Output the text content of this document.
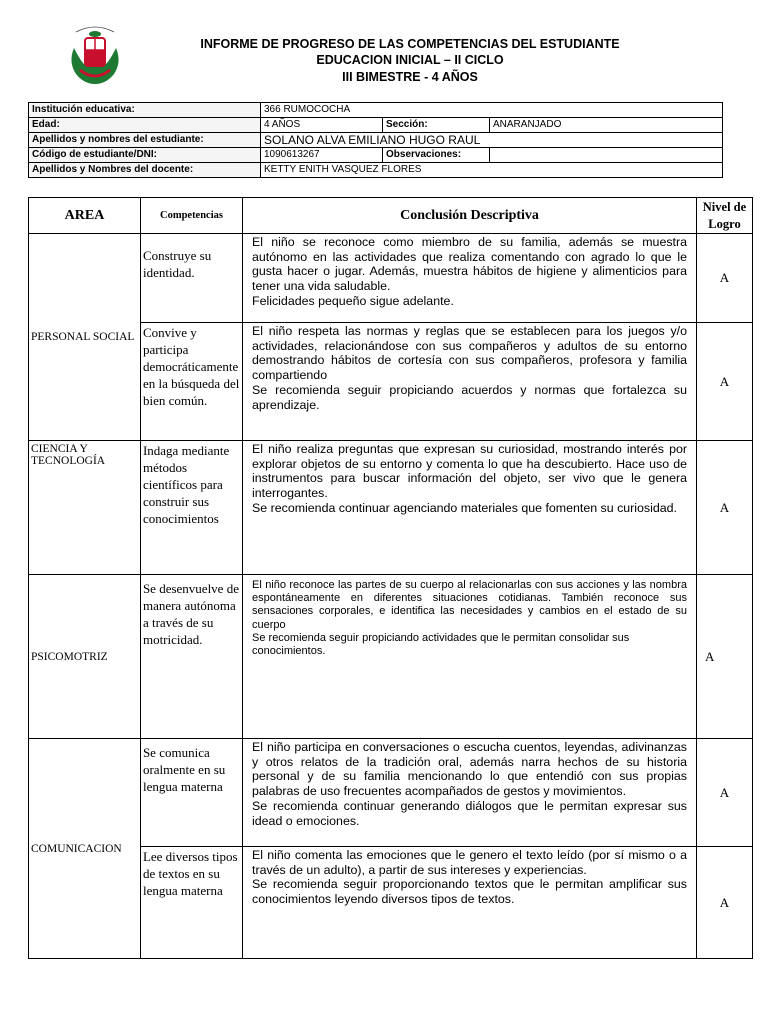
INFORME DE PROGRESO DE LAS COMPETENCIAS DEL ESTUDIANTE
EDUCACION INICIAL – II CICLO
III BIMESTRE - 4 AÑOS
Institución educativa:	366 RUMOCOCHA		
Edad:	4 AÑOS	Sección:	ANARANJADO
Apellidos y nombres del estudiante:	SOLANO ALVA EMILIANO HUGO RAUL		
Código de estudiante/DNI:	1090613267	Observaciones:	
Apellidos y Nombres del docente:	KETTY ENITH VASQUEZ FLORES		
AREA	Competencias	Conclusión Descriptiva	Nivel de Logro
PERSONAL SOCIAL	Construye su identidad.	El niño se reconoce como miembro de su familia, además se muestra autónomo en las actividades que realiza comentando con agrado lo que le gusta hacer o jugar. Además, muestra hábitos de higiene y alimenticios para tener una vida saludable.

Felicidades pequeño sigue adelante.	A
	Convive y participa democráticamente en la búsqueda del bien común.	El niño respeta las normas y reglas que se establecen para los juegos y/o actividades, relacionándose con sus compañeros y adultos de su entorno demostrando hábitos de cortesía con sus compañeros, profesora y familia compartiendo

Se recomienda seguir propiciando acuerdos y normas que fortalezca su aprendizaje.	A
CIENCIA Y TECNOLOGÍA	Indaga mediante métodos científicos para construir sus conocimientos	El niño realiza preguntas que expresan su curiosidad, mostrando interés por explorar objetos de su entorno y comenta lo que ha descubierto. Hace uso de instrumentos para buscar información del objeto, ser vivo que le genera interrogantes.

Se recomienda continuar agenciando materiales que fomenten su curiosidad.	A
PSICOMOTRIZ	Se desenvuelve de manera autónoma a través de su motricidad.	El niño reconoce las partes de su cuerpo al relacionarlas con sus acciones y las nombra espontáneamente en diferentes situaciones cotidianas. También reconoce sus sensaciones corporales, e identifica las necesidades y cambios en el estado de su cuerpo

Se recomienda seguir propiciando actividades que le permitan consolidar sus conocimientos.	A
COMUNICACION	Se comunica oralmente en su lengua materna	El niño participa en conversaciones o escucha cuentos, leyendas, adivinanzas y otros relatos de la tradición oral, además narra hechos de su historia personal y de su familia mencionando lo que entendió con sus propias palabras de uso frecuentes acompañados de gestos y movimientos.

Se recomienda continuar generando diálogos que le permitan expresar sus idead o emociones.	A
	Lee diversos tipos de textos en su lengua materna	El niño comenta las emociones que le genero el texto leído (por sí mismo o a través de un adulto), a partir de sus intereses y experiencias.

Se recomienda seguir proporcionando textos que le permitan amplificar sus conocimientos leyendo diversos tipos de textos.	A
